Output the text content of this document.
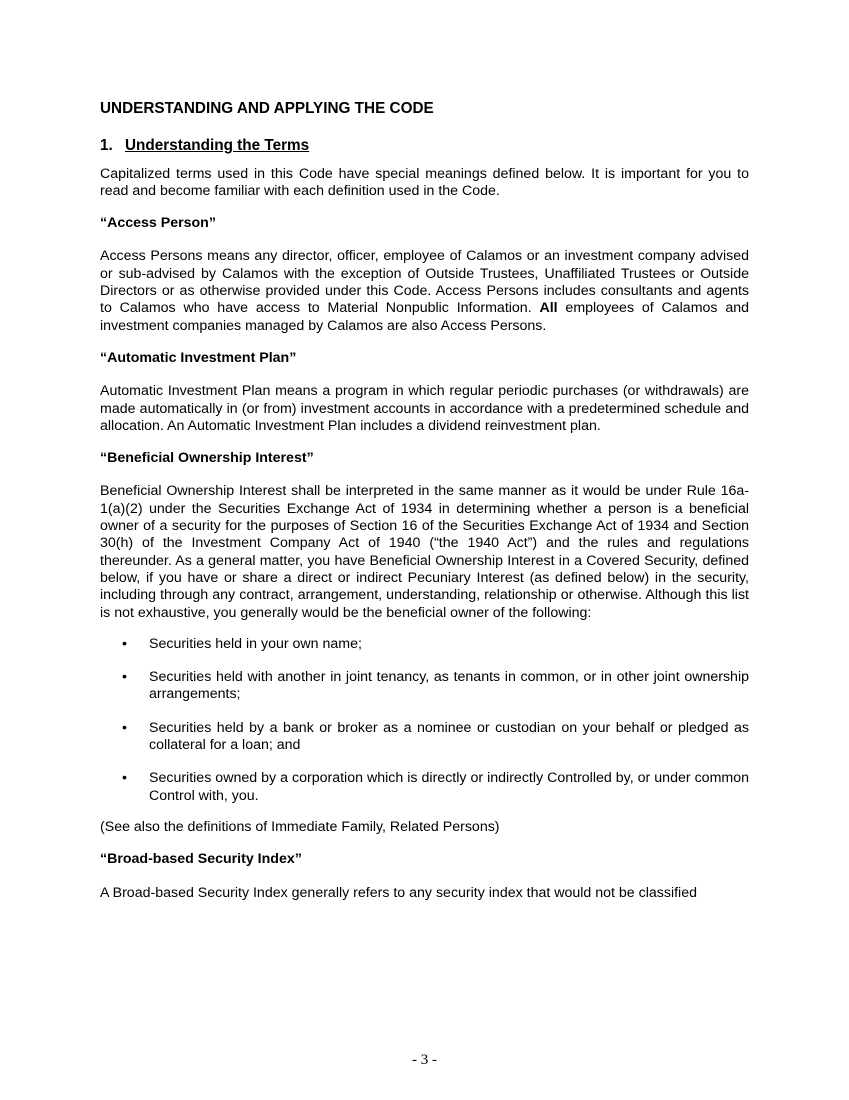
UNDERSTANDING AND APPLYING THE CODE
1. Understanding the Terms

Capitalized terms used in this Code have special meanings defined below. It is important for you to read and become familiar with each definition used in the Code.

“Access Person”

Access Persons means any director, officer, employee of Calamos or an investment company advised or sub-advised by Calamos with the exception of Outside Trustees, Unaffiliated Trustees or Outside Directors or as otherwise provided under this Code. Access Persons includes consultants and agents to Calamos who have access to Material Nonpublic Information. All employees of Calamos and investment companies managed by Calamos are also Access Persons.

“Automatic Investment Plan”

Automatic Investment Plan means a program in which regular periodic purchases (or withdrawals) are made automatically in (or from) investment accounts in accordance with a predetermined schedule and allocation. An Automatic Investment Plan includes a dividend reinvestment plan.

“Beneficial Ownership Interest”

Beneficial Ownership Interest shall be interpreted in the same manner as it would be under Rule 16a-1(a)(2) under the Securities Exchange Act of 1934 in determining whether a person is a beneficial owner of a security for the purposes of Section 16 of the Securities Exchange Act of 1934 and Section 30(h) of the Investment Company Act of 1940 (“the 1940 Act”) and the rules and regulations thereunder. As a general matter, you have Beneficial Ownership Interest in a Covered Security, defined below, if you have or share a direct or indirect Pecuniary Interest (as defined below) in the security, including through any contract, arrangement, understanding, relationship or otherwise. Although this list is not exhaustive, you generally would be the beneficial owner of the following:

• Securities held in your own name;
• Securities held with another in joint tenancy, as tenants in common, or in other joint ownership arrangements;
• Securities held by a bank or broker as a nominee or custodian on your behalf or pledged as collateral for a loan; and
• Securities owned by a corporation which is directly or indirectly Controlled by, or under common Control with, you.

(See also the definitions of Immediate Family, Related Persons)

“Broad-based Security Index”

A Broad-based Security Index generally refers to any security index that would not be classified

- 3 -
